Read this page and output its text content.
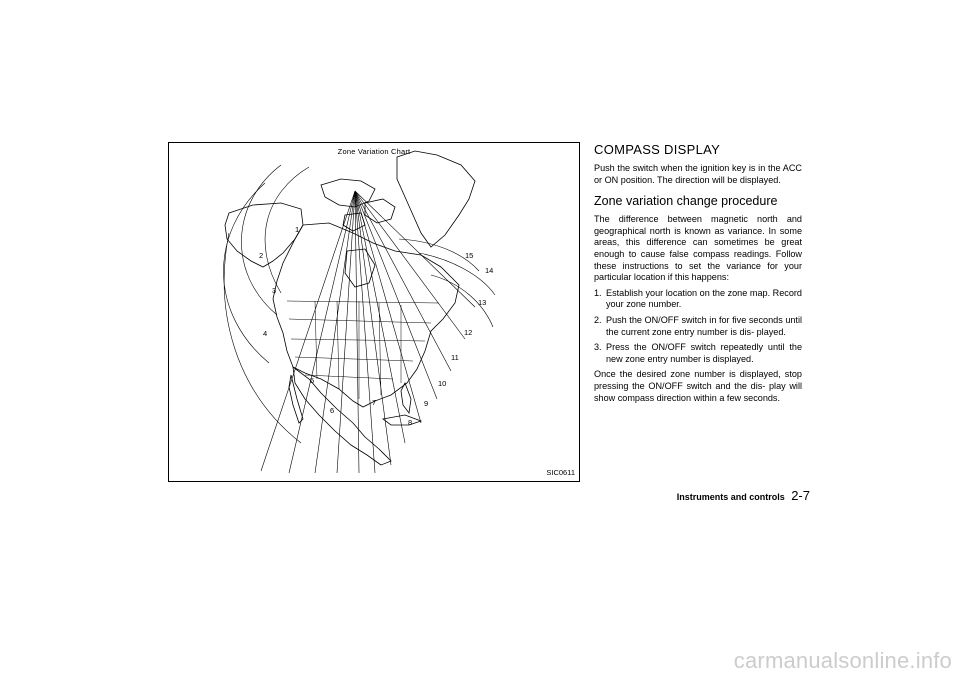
1
2
3
4
5
6
7
8
9
10
11
12
13
14
15
Zone Variation Chart
SIC0611
COMPASS DISPLAY
Push the switch when the ignition key is in the ACC or ON position. The direction will be displayed.
Zone variation change procedure
The difference between magnetic north and geographical north is known as variance. In some areas, this difference can sometimes be great enough to cause false compass readings. Follow these instructions to set the variance for your particular location if this happens:
1. Establish your location on the zone map. Record your zone number.
2. Push the ON/OFF switch in for five seconds until the current zone entry number is dis- played.
3. Press the ON/OFF switch repeatedly until the new zone entry number is displayed.
Once the desired zone number is displayed, stop pressing the ON/OFF switch and the dis- play will show compass direction within a few seconds.
Instruments and controls 2-7
carmanualsonline.info
